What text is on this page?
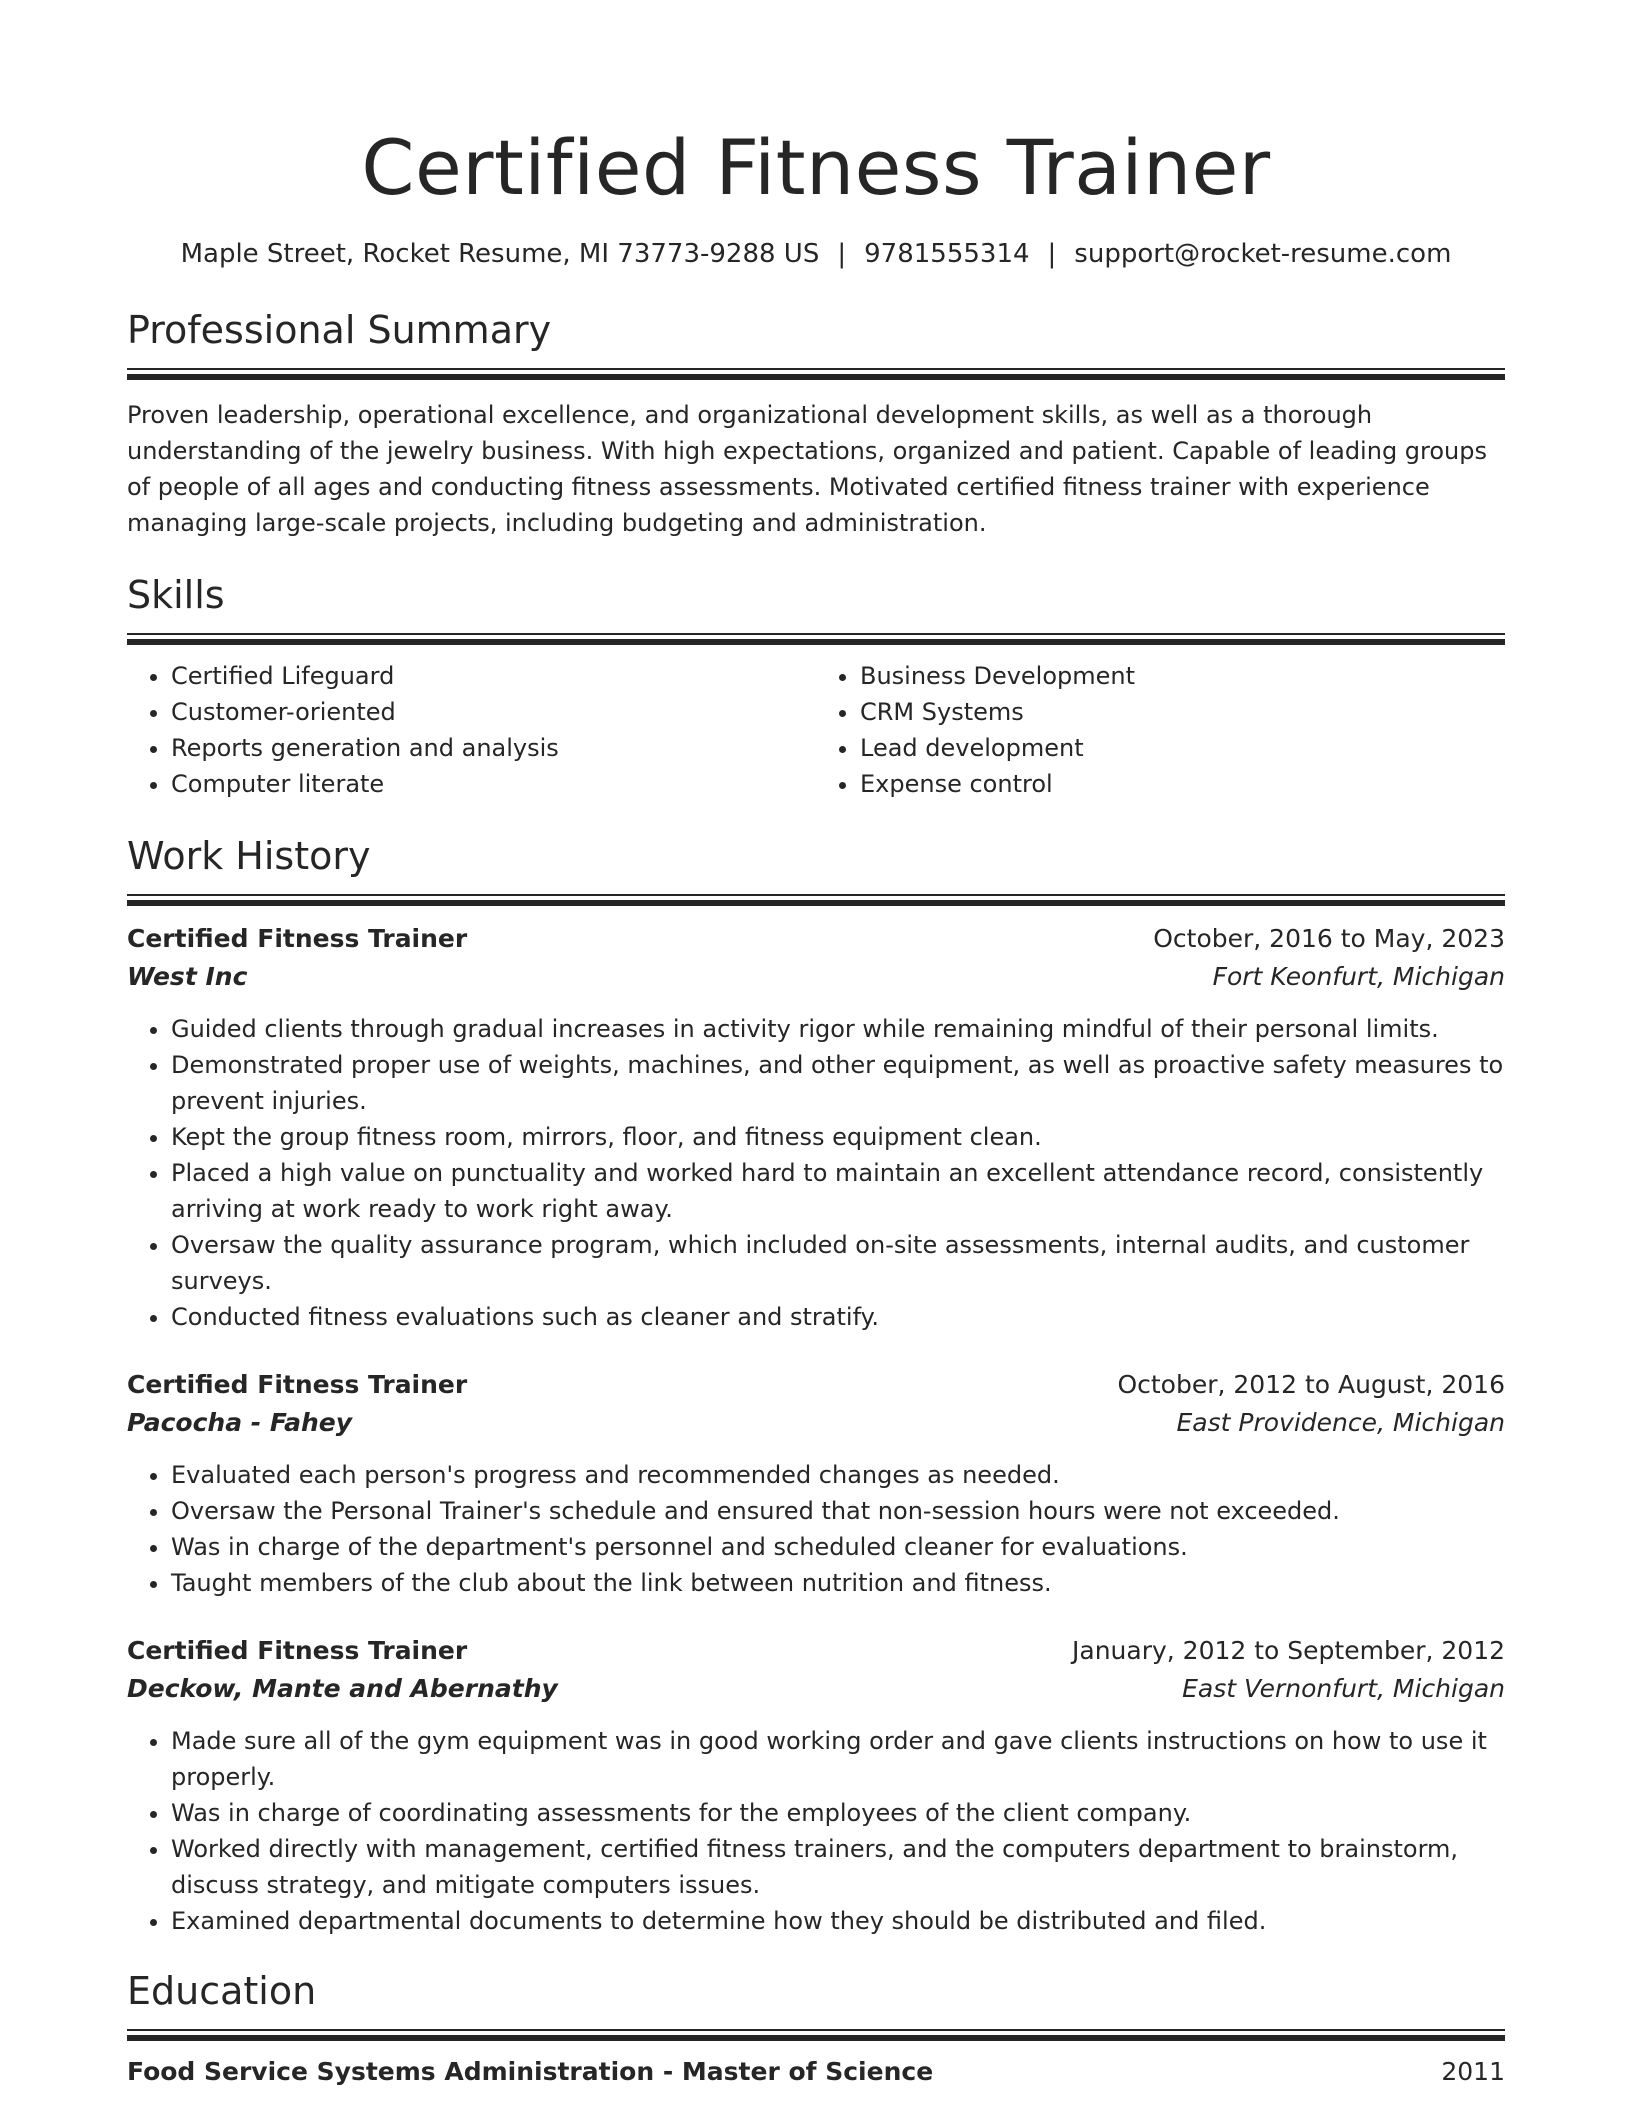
Certified Fitness Trainer
Maple Street, Rocket Resume, MI 73773-9288 US | 9781555314 | support@rocket-resume.com
Professional Summary
Proven leadership, operational excellence, and organizational development skills, as well as a thorough understanding of the jewelry business. With high expectations, organized and patient. Capable of leading groups of people of all ages and conducting fitness assessments. Motivated certified fitness trainer with experience managing large-scale projects, including budgeting and administration.
Skills
• Certified Lifeguard
• Customer-oriented
• Reports generation and analysis
• Computer literate
• Business Development
• CRM Systems
• Lead development
• Expense control
Work History
Certified Fitness Trainer	October, 2016 to May, 2023
West Inc	Fort Keonfurt, Michigan
• Guided clients through gradual increases in activity rigor while remaining mindful of their personal limits.
• Demonstrated proper use of weights, machines, and other equipment, as well as proactive safety measures to prevent injuries.
• Kept the group fitness room, mirrors, floor, and fitness equipment clean.
• Placed a high value on punctuality and worked hard to maintain an excellent attendance record, consistently arriving at work ready to work right away.
• Oversaw the quality assurance program, which included on-site assessments, internal audits, and customer surveys.
• Conducted fitness evaluations such as cleaner and stratify.
Certified Fitness Trainer	October, 2012 to August, 2016
Pacocha - Fahey	East Providence, Michigan
• Evaluated each person's progress and recommended changes as needed.
• Oversaw the Personal Trainer's schedule and ensured that non-session hours were not exceeded.
• Was in charge of the department's personnel and scheduled cleaner for evaluations.
• Taught members of the club about the link between nutrition and fitness.
Certified Fitness Trainer	January, 2012 to September, 2012
Deckow, Mante and Abernathy	East Vernonfurt, Michigan
• Made sure all of the gym equipment was in good working order and gave clients instructions on how to use it properly.
• Was in charge of coordinating assessments for the employees of the client company.
• Worked directly with management, certified fitness trainers, and the computers department to brainstorm, discuss strategy, and mitigate computers issues.
• Examined departmental documents to determine how they should be distributed and filed.
Education
Food Service Systems Administration - Master of Science	2011
